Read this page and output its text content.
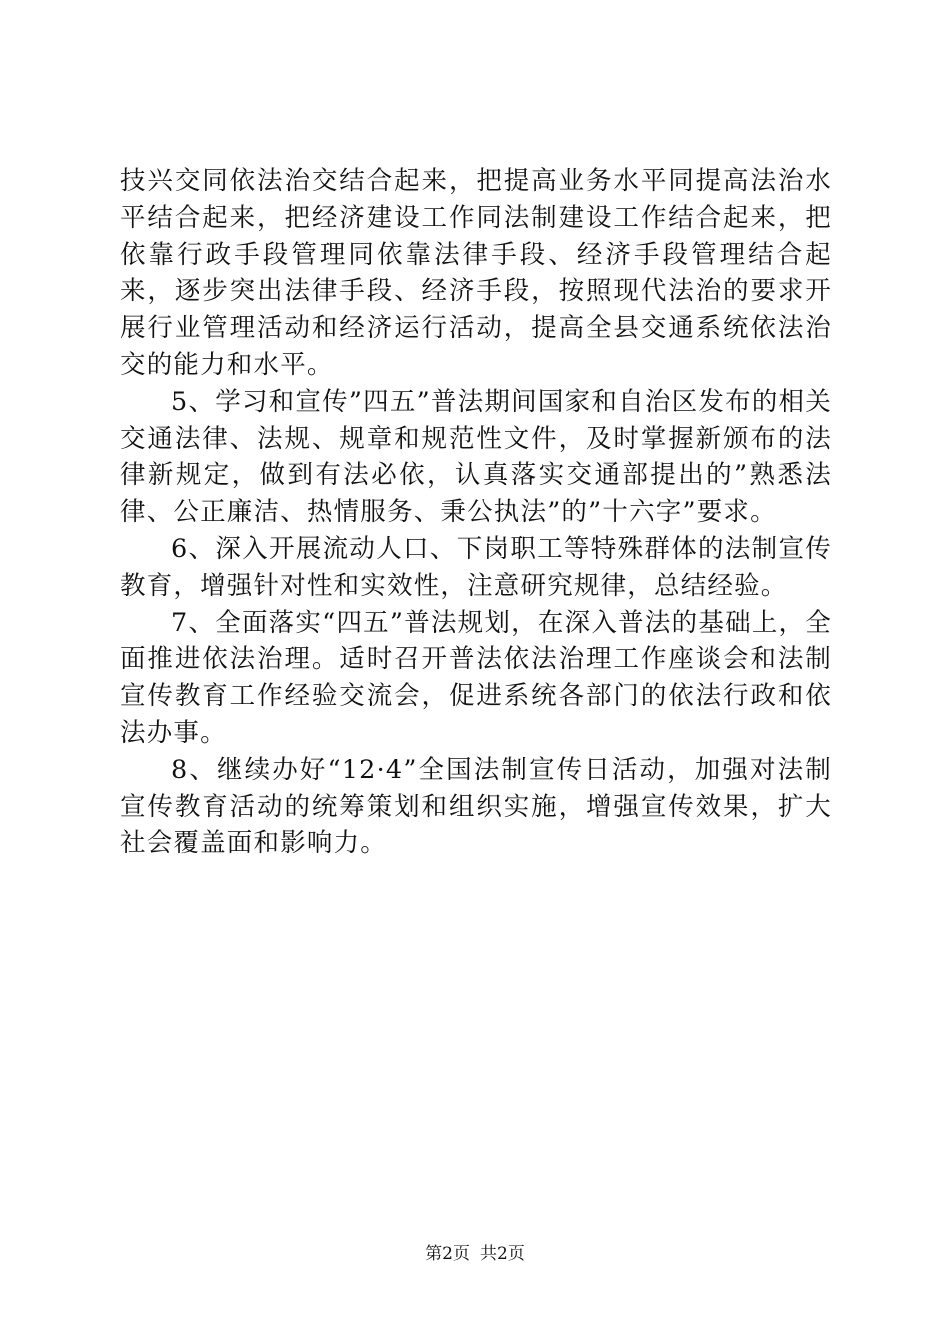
技兴交同依法治交结合起来，把提高业务水平同提高法治水平结合起来，把经济建设工作同法制建设工作结合起来，把依靠行政手段管理同依靠法律手段、经济手段管理结合起来，逐步突出法律手段、经济手段，按照现代法治的要求开展行业管理活动和经济运行活动，提高全县交通系统依法治交的能力和水平。

5、学习和宣传”四五”普法期间国家和自治区发布的相关交通法律、法规、规章和规范性文件，及时掌握新颁布的法律新规定，做到有法必依，认真落实交通部提出的”熟悉法律、公正廉洁、热情服务、秉公执法”的”十六字”要求。

6、深入开展流动人口、下岗职工等特殊群体的法制宣传教育，增强针对性和实效性，注意研究规律，总结经验。

7、全面落实“四五”普法规划，在深入普法的基础上，全面推进依法治理。适时召开普法依法治理工作座谈会和法制宣传教育工作经验交流会，促进系统各部门的依法行政和依法办事。

8、继续办好“12·4”全国法制宣传日活动，加强对法制宣传教育活动的统筹策划和组织实施，增强宣传效果，扩大社会覆盖面和影响力。

第2页 共2页
